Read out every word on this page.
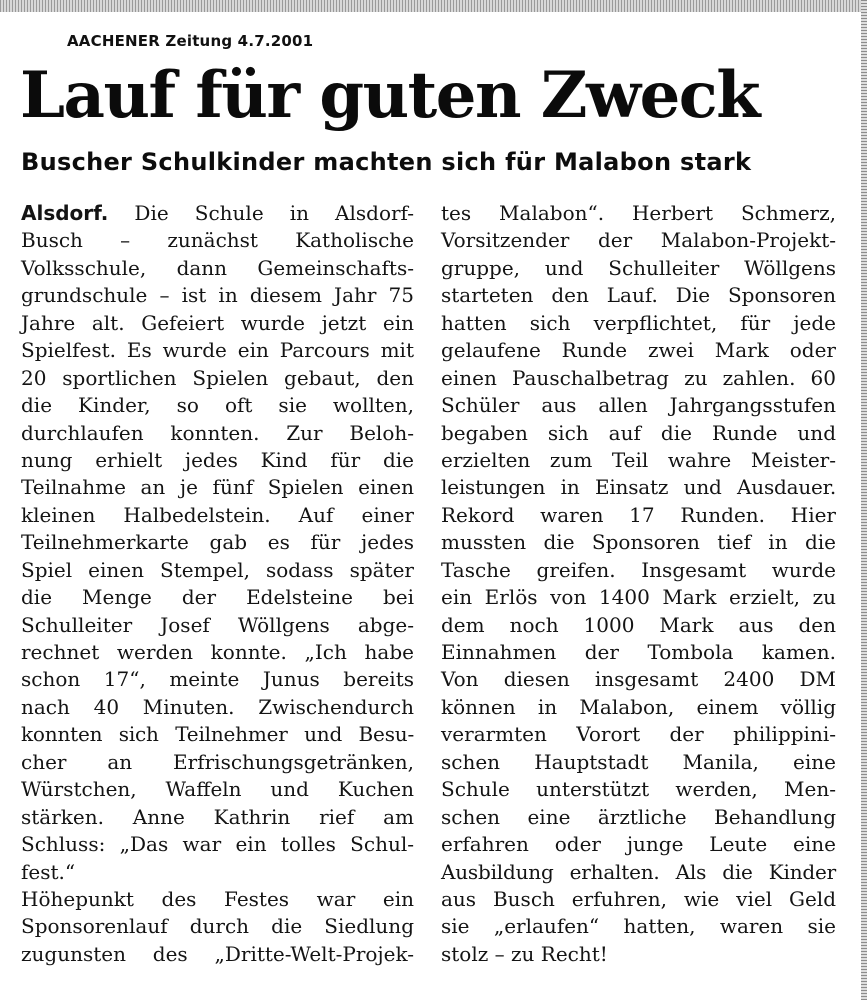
AACHENER Zeitung 4.7.2001
Lauf für guten Zweck
Buscher Schulkinder machten sich für Malabon stark
Alsdorf. Die Schule in Alsdorf-
Busch – zunächst Katholische
Volksschule, dann Gemeinschafts-
grundschule – ist in diesem Jahr 75
Jahre alt. Gefeiert wurde jetzt ein
Spielfest. Es wurde ein Parcours mit
20 sportlichen Spielen gebaut, den
die Kinder, so oft sie wollten,
durchlaufen konnten. Zur Beloh-
nung erhielt jedes Kind für die
Teilnahme an je fünf Spielen einen
kleinen Halbedelstein. Auf einer
Teilnehmerkarte gab es für jedes
Spiel einen Stempel, sodass später
die Menge der Edelsteine bei
Schulleiter Josef Wöllgens abge-
rechnet werden konnte. „Ich habe
schon 17“, meinte Junus bereits
nach 40 Minuten. Zwischendurch
konnten sich Teilnehmer und Besu-
cher an Erfrischungsgetränken,
Würstchen, Waffeln und Kuchen
stärken. Anne Kathrin rief am
Schluss: „Das war ein tolles Schul-
fest.“
Höhepunkt des Festes war ein
Sponsorenlauf durch die Siedlung
zugunsten des „Dritte-Welt-Projek-
tes Malabon“. Herbert Schmerz,
Vorsitzender der Malabon-Projekt-
gruppe, und Schulleiter Wöllgens
starteten den Lauf. Die Sponsoren
hatten sich verpflichtet, für jede
gelaufene Runde zwei Mark oder
einen Pauschalbetrag zu zahlen. 60
Schüler aus allen Jahrgangsstufen
begaben sich auf die Runde und
erzielten zum Teil wahre Meister-
leistungen in Einsatz und Ausdauer.
Rekord waren 17 Runden. Hier
mussten die Sponsoren tief in die
Tasche greifen. Insgesamt wurde
ein Erlös von 1400 Mark erzielt, zu
dem noch 1000 Mark aus den
Einnahmen der Tombola kamen.
Von diesen insgesamt 2400 DM
können in Malabon, einem völlig
verarmten Vorort der philippini-
schen Hauptstadt Manila, eine
Schule unterstützt werden, Men-
schen eine ärztliche Behandlung
erfahren oder junge Leute eine
Ausbildung erhalten. Als die Kinder
aus Busch erfuhren, wie viel Geld
sie „erlaufen“ hatten, waren sie
stolz – zu Recht!
